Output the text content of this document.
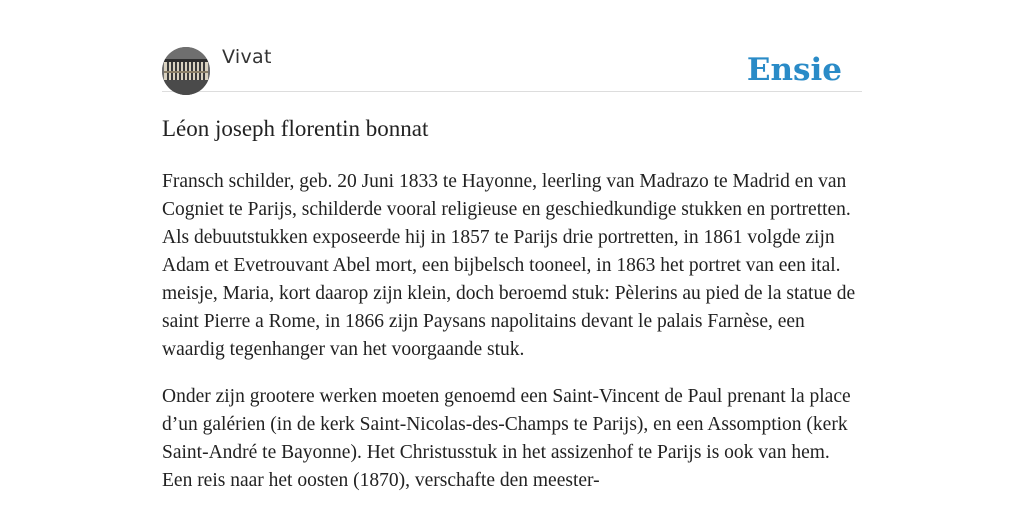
Vivat	Ensie
Léon joseph florentin bonnat

Fransch schilder, geb. 20 Juni 1833 te Hayonne, leerling van Madrazo te Madrid en van Cogniet te Parijs, schilderde vooral religieuse en geschiedkundige stukken en portretten. Als debuutstukken exposeerde hij in 1857 te Parijs drie portretten, in 1861 volgde zijn Adam et Evetrouvant Abel mort, een bijbelsch tooneel, in 1863 het portret van een ital. meisje, Maria, kort daarop zijn klein, doch beroemd stuk: Pèlerins au pied de la statue de saint Pierre a Rome, in 1866 zijn Paysans napolitains devant le palais Farnèse, een waardig tegenhanger van het voorgaande stuk.

Onder zijn grootere werken moeten genoemd een Saint-Vincent de Paul prenant la place d’un galérien (in de kerk Saint-Nicolas-des-Champs te Parijs), en een Assomption (kerk Saint-André te Bayonne). Het Christusstuk in het assizenhof te Parijs is ook van hem. Een reis naar het oosten (1870), verschafte den meester-
